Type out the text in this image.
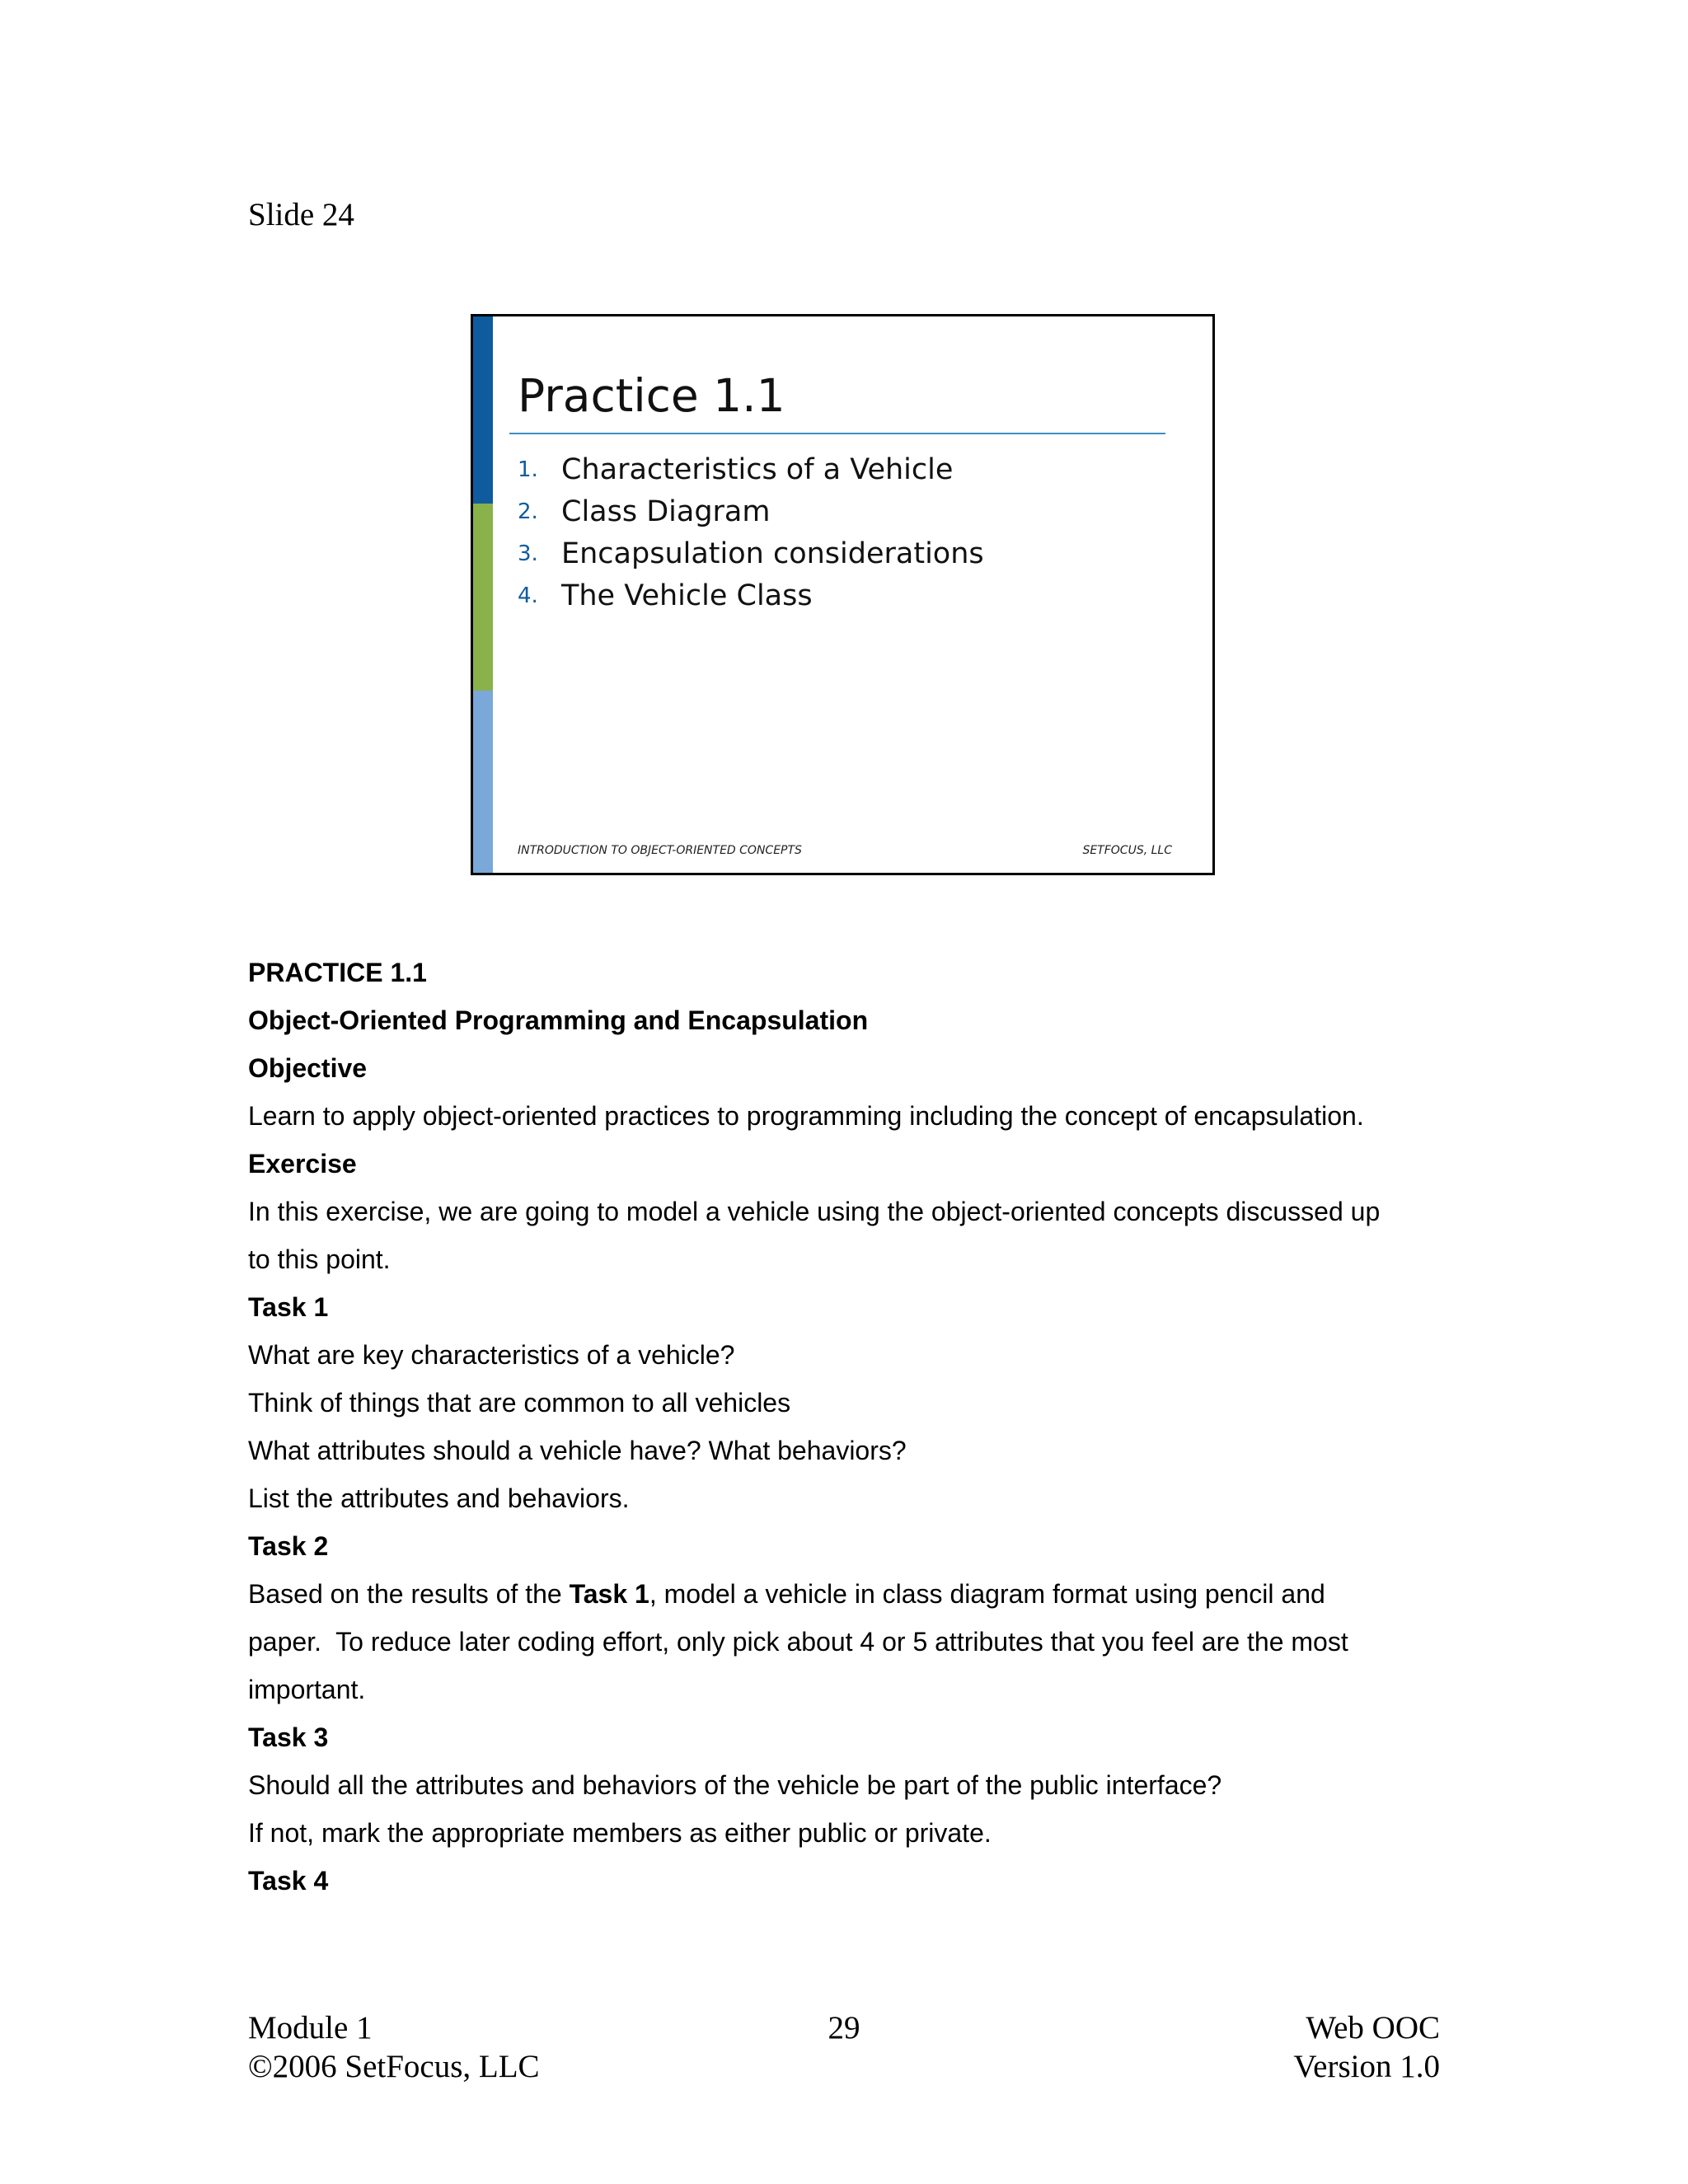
Slide 24
Practice 1.1
1. Characteristics of a Vehicle
2. Class Diagram
3. Encapsulation considerations
4. The Vehicle Class
INTRODUCTION TO OBJECT-ORIENTED CONCEPTS	SETFOCUS, LLC

PRACTICE 1.1

Object-Oriented Programming and Encapsulation

Objective

Learn to apply object-oriented practices to programming including the concept of encapsulation.

Exercise

In this exercise, we are going to model a vehicle using the object-oriented concepts discussed up

to this point.

Task 1

What are key characteristics of a vehicle?

Think of things that are common to all vehicles

What attributes should a vehicle have? What behaviors?

List the attributes and behaviors.

Task 2

Based on the results of the Task 1, model a vehicle in class diagram format using pencil and

paper.  To reduce later coding effort, only pick about 4 or 5 attributes that you feel are the most

important.

Task 3

Should all the attributes and behaviors of the vehicle be part of the public interface?

If not, mark the appropriate members as either public or private.

Task 4

Module 1
©2006 SetFocus, LLC
29	Web OOC
Version 1.0
